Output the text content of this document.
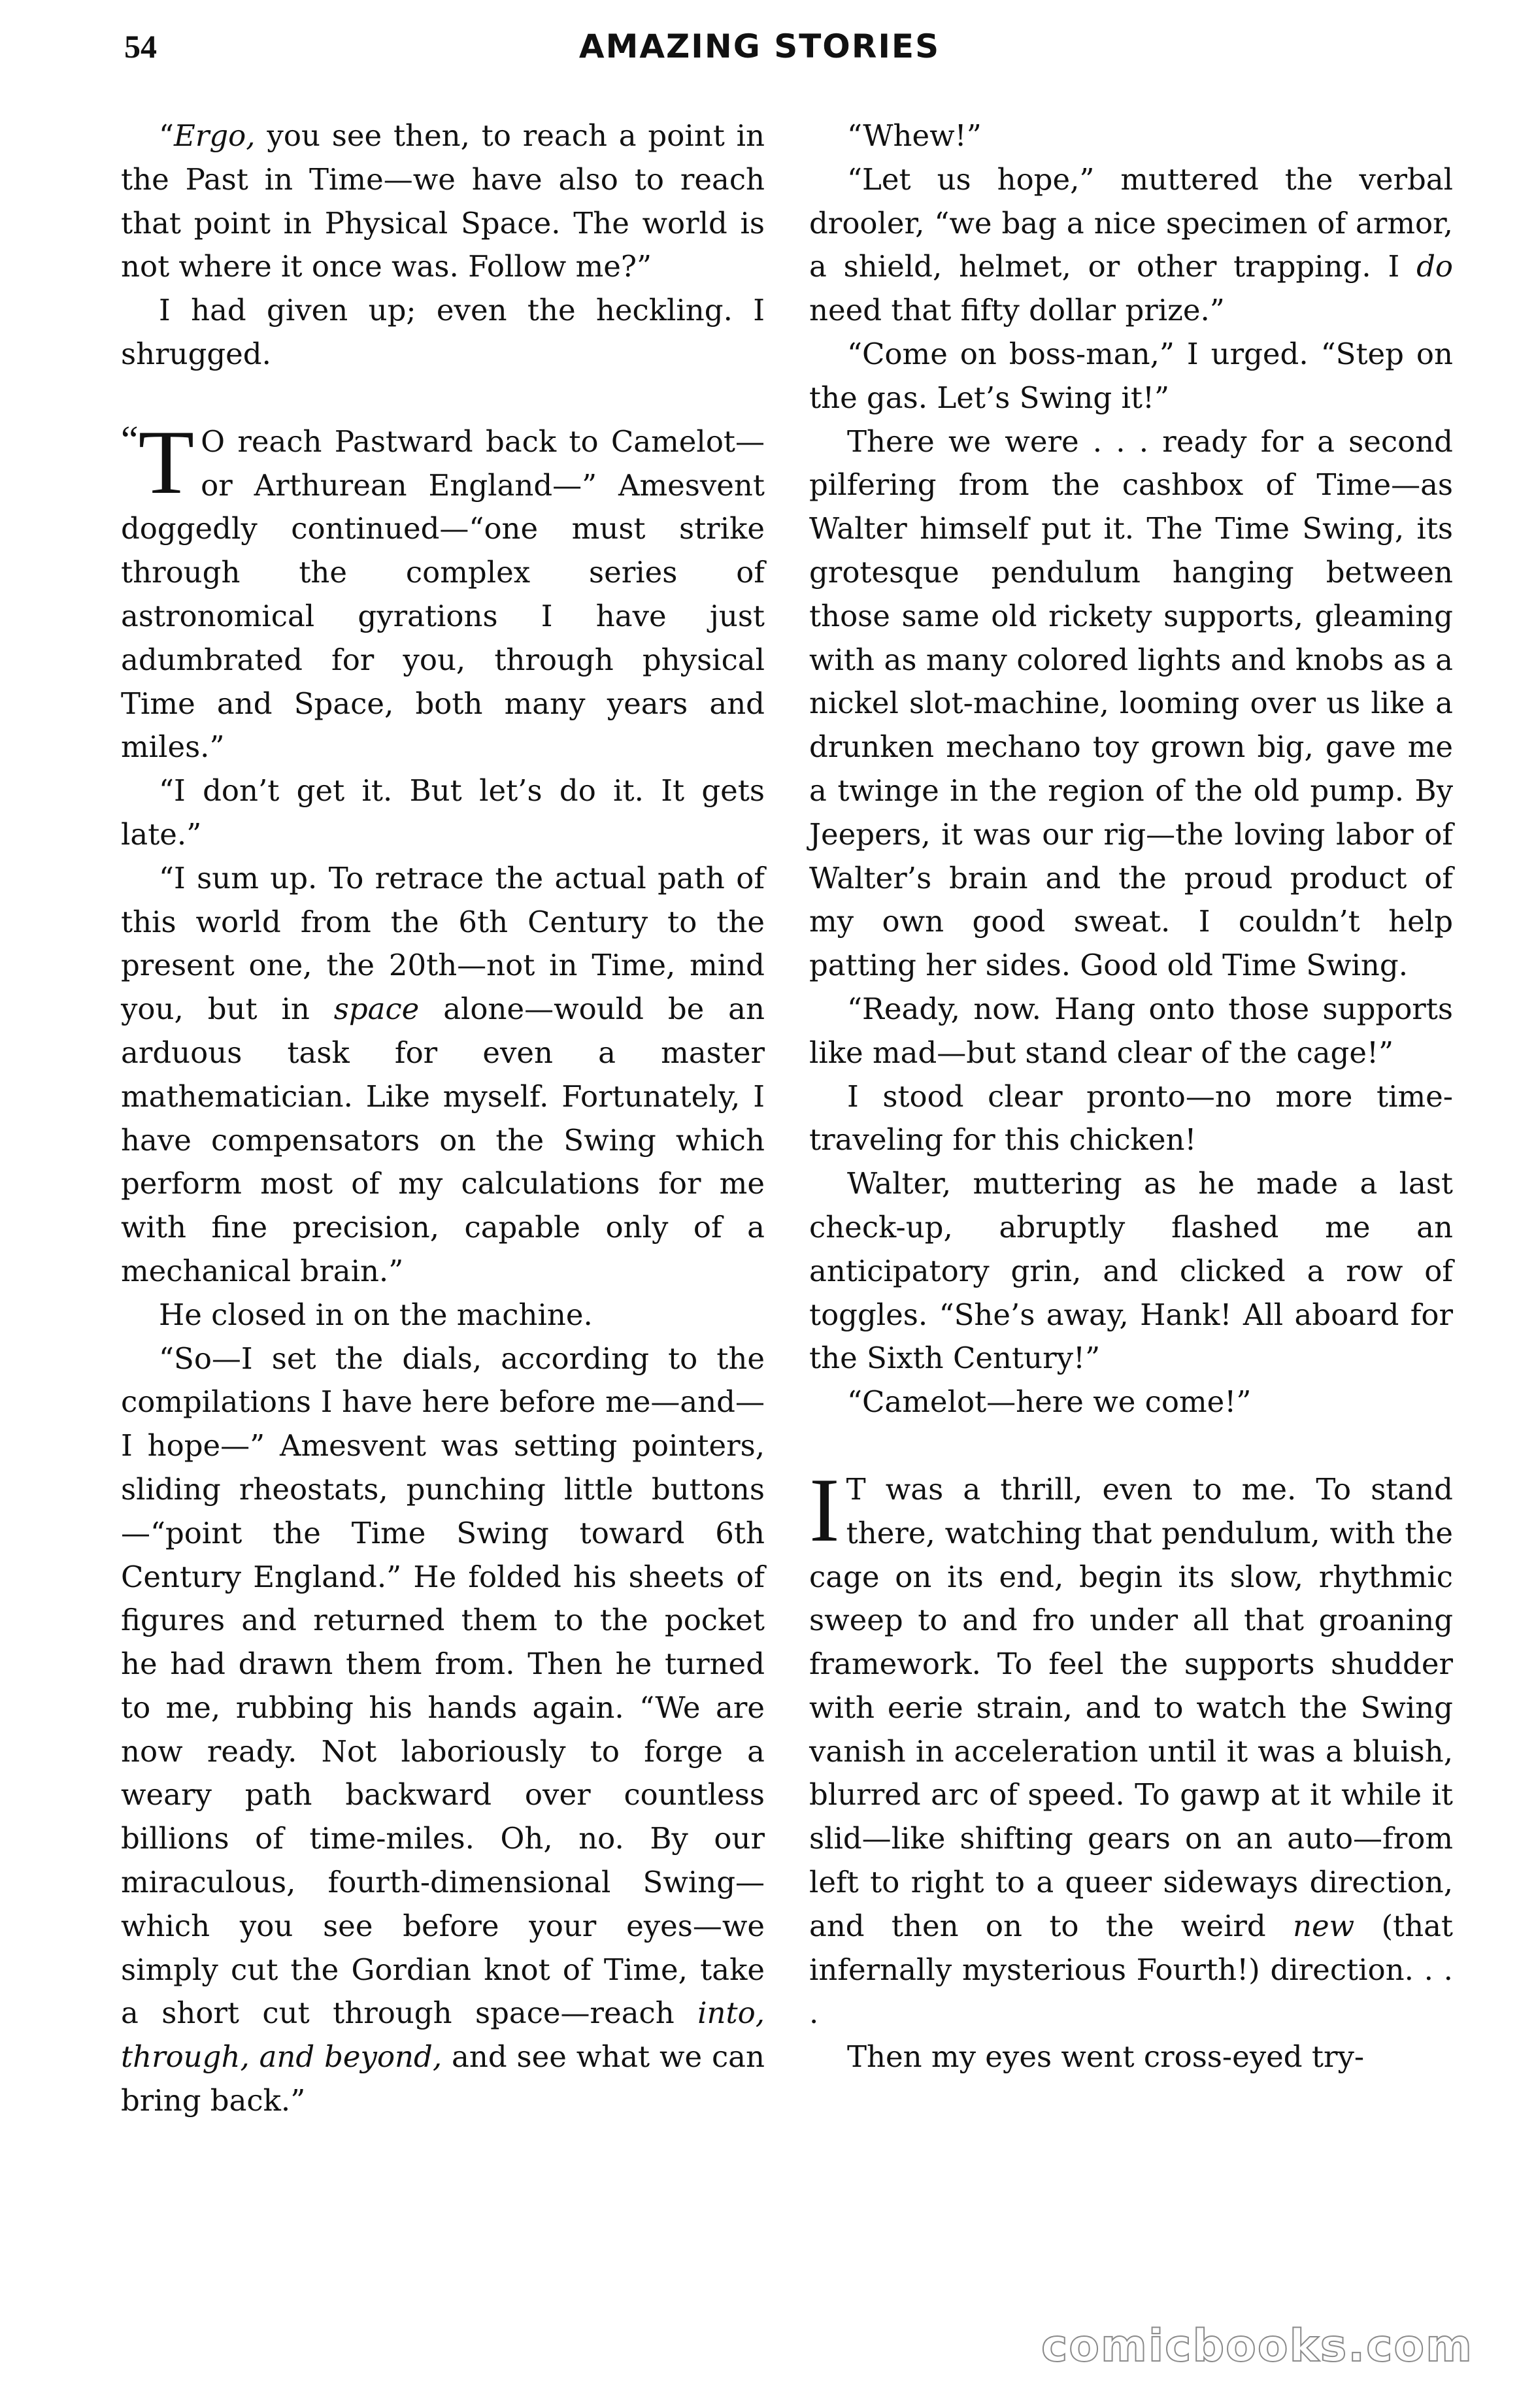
54	AMAZING STORIES

“Ergo, you see then, to reach a point in the Past in Time—we have also to reach that point in Physical Space. The world is not where it once was. Follow me?”

I had given up; even the heckling. I shrugged.

“T O reach Pastward back to Camelot—or Arthurean England—” Amesvent doggedly continued—“one must strike through the complex series of astronomical gyrations I have just adumbrated for you, through physical Time and Space, both many years and miles.”

“I don’t get it. But let’s do it. It gets late.”

“I sum up. To retrace the actual path of this world from the 6th Century to the present one, the 20th—not in Time, mind you, but in space alone—would be an arduous task for even a master mathematician. Like myself. Fortunately, I have compensators on the Swing which perform most of my calculations for me with fine precision, capable only of a mechanical brain.”

He closed in on the machine.

“So—I set the dials, according to the compilations I have here before me—and—I hope—” Amesvent was setting pointers, sliding rheostats, punching little buttons—“point the Time Swing toward 6th Century England.” He folded his sheets of figures and returned them to the pocket he had drawn them from. Then he turned to me, rubbing his hands again. “We are now ready. Not laboriously to forge a weary path backward over countless billions of time-miles. Oh, no. By our miraculous, fourth-dimensional Swing—which you see before your eyes—we simply cut the Gordian knot of Time, take a short cut through space—reach into, through, and beyond, and see what we can bring back.”

“Whew!”

“Let us hope,” muttered the verbal drooler, “we bag a nice specimen of armor, a shield, helmet, or other trapping. I do need that fifty dollar prize.”

“Come on boss-man,” I urged. “Step on the gas. Let’s Swing it!”

There we were . . . ready for a second pilfering from the cashbox of Time—as Walter himself put it. The Time Swing, its grotesque pendulum hanging between those same old rickety supports, gleaming with as many colored lights and knobs as a nickel slot-machine, looming over us like a drunken mechano toy grown big, gave me a twinge in the region of the old pump. By Jeepers, it was our rig—the loving labor of Walter’s brain and the proud product of my own good sweat. I couldn’t help patting her sides. Good old Time Swing.

“Ready, now. Hang onto those supports like mad—but stand clear of the cage!”

I stood clear pronto—no more time-traveling for this chicken!

Walter, muttering as he made a last check-up, abruptly flashed me an anticipatory grin, and clicked a row of toggles. “She’s away, Hank! All aboard for the Sixth Century!”

“Camelot—here we come!”

I T was a thrill, even to me. To stand there, watching that pendulum, with the cage on its end, begin its slow, rhythmic sweep to and fro under all that groaning framework. To feel the supports shudder with eerie strain, and to watch the Swing vanish in acceleration until it was a bluish, blurred arc of speed. To gawp at it while it slid—like shifting gears on an auto—from left to right to a queer sideways direction, and then on to the weird new (that infernally mysterious Fourth!) direction. . . .

Then my eyes went cross-eyed try-

comicbooks.com
